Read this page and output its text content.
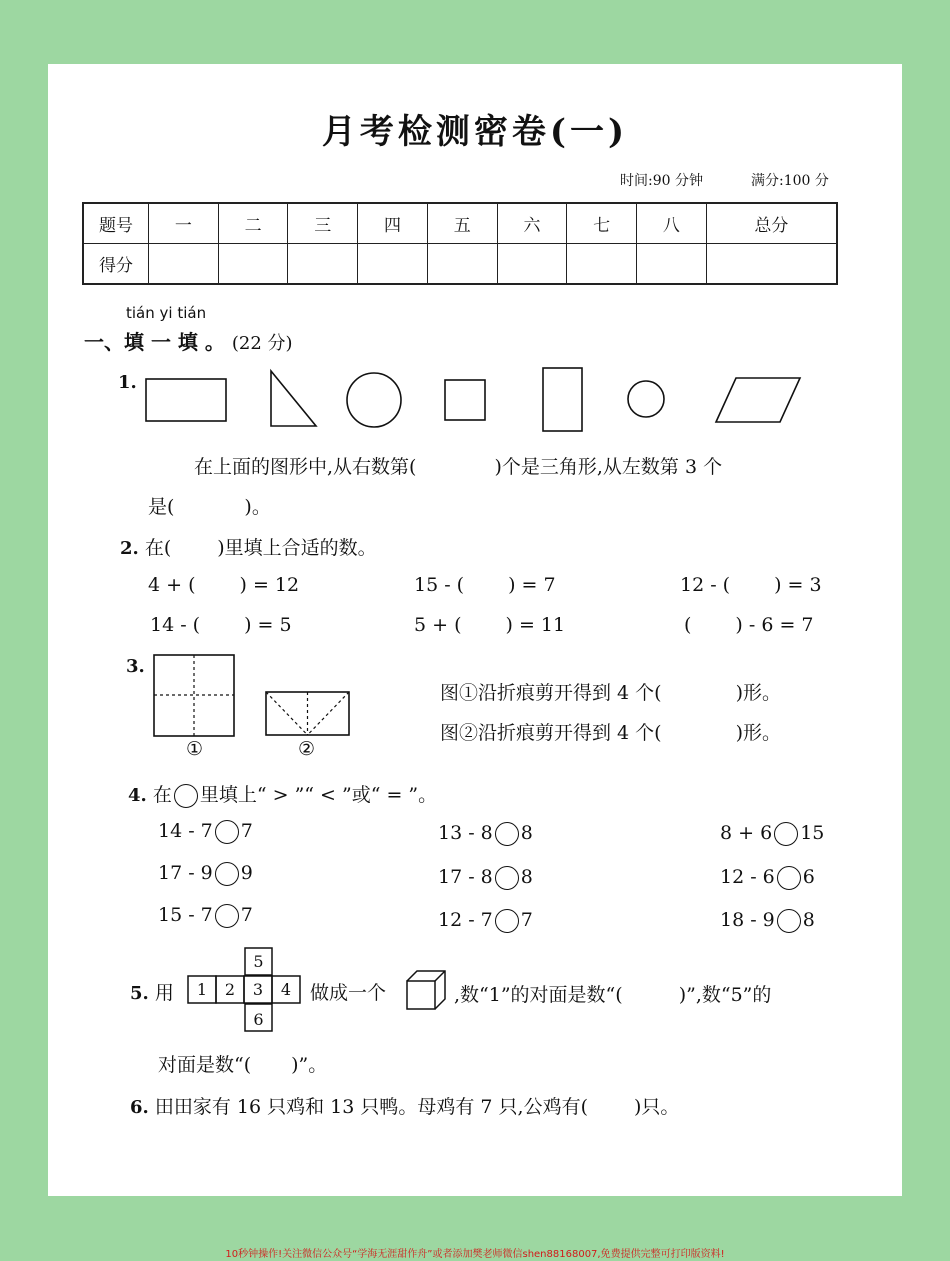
月考检测密卷(一)
时间:90 分钟	满分:100 分
题号	一	二	三	四	五	六	七	八	总分
得分									
tián yi tián
一、填 一 填 。 (22 分)
1.
在上面的图形中,从右数第(	)个是三角形,从左数第 3 个
是(	)。
2. 在( )里填上合适的数。
4 + ( ) = 12	15 - ( ) = 7	12 - ( ) = 3
14 - ( ) = 5	5 + ( ) = 11	( ) - 6 = 7
3.
①	②
图①沿折痕剪开得到 4 个(	)形。
图②沿折痕剪开得到 4 个(	)形。
4. 在 里填上“ > ”“ < ”或“ = ”。
14 - 7 7	13 - 8 8	8 + 6 15
17 - 9 9	17 - 8 8	12 - 6 6
15 - 7 7	12 - 7 7	18 - 9 8
5. 用
5
1 2 3 4
6
做成一个	,数“1”的对面是数“(	)”,数“5”的
对面是数“( )”。
6. 田田家有 16 只鸡和 13 只鸭。母鸡有 7 只,公鸡有( )只。
10秒钟操作!关注微信公众号“学海无涯甜作舟”或者添加樊老师微信shen88168007,免费提供完整可打印版资料!
